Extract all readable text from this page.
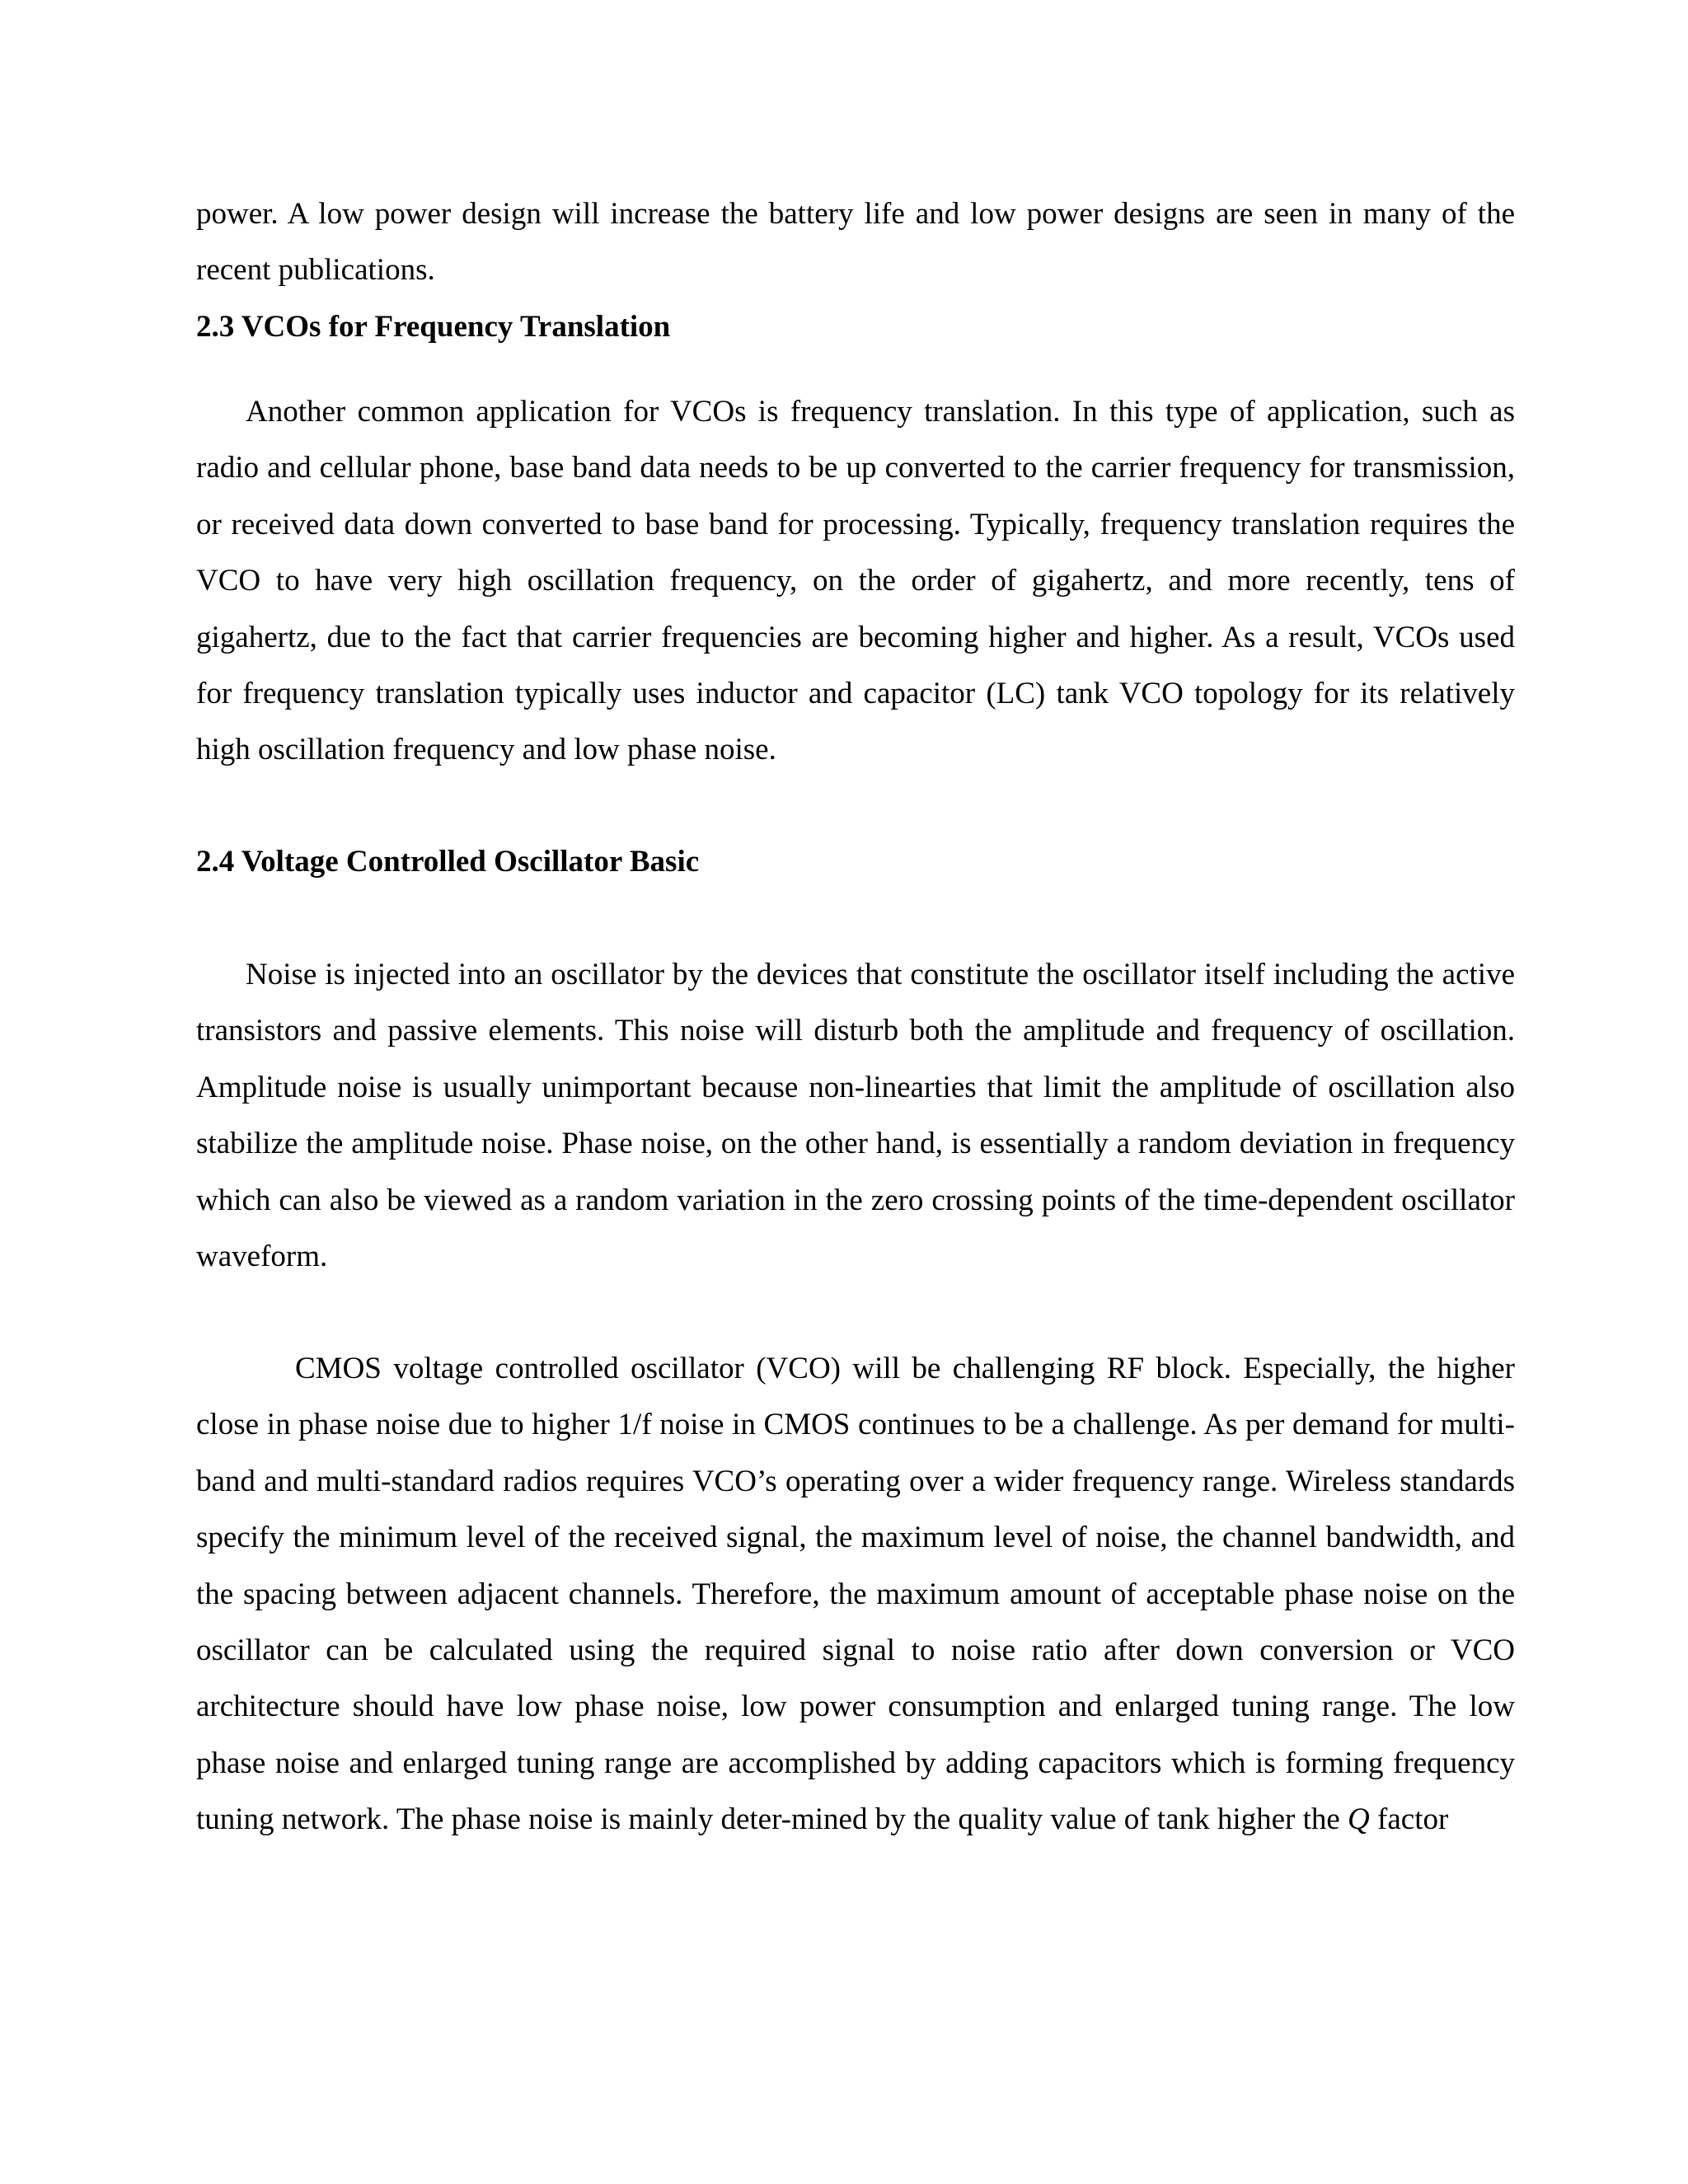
power. A low power design will increase the battery life and low power designs are seen in many of the recent publications.

2.3 VCOs for Frequency Translation

Another common application for VCOs is frequency translation. In this type of application, such as radio and cellular phone, base band data needs to be up converted to the carrier frequency for transmission, or received data down converted to base band for processing. Typically, frequency translation requires the VCO to have very high oscillation frequency, on the order of gigahertz, and more recently, tens of gigahertz, due to the fact that carrier frequencies are becoming higher and higher. As a result, VCOs used for frequency translation typically uses inductor and capacitor (LC) tank VCO topology for its relatively high oscillation frequency and low phase noise.

2.4 Voltage Controlled Oscillator Basic

Noise is injected into an oscillator by the devices that constitute the oscillator itself including the active transistors and passive elements. This noise will disturb both the amplitude and frequency of oscillation. Amplitude noise is usually unimportant because non-linearties that limit the amplitude of oscillation also stabilize the amplitude noise. Phase noise, on the other hand, is essentially a random deviation in frequency which can also be viewed as a random variation in the zero crossing points of the time-dependent oscillator waveform.

CMOS voltage controlled oscillator (VCO) will be challenging RF block. Especially, the higher close in phase noise due to higher 1/f noise in CMOS continues to be a challenge. As per demand for multi-band and multi-standard radios requires VCO’s operating over a wider frequency range. Wireless standards specify the minimum level of the received signal, the maximum level of noise, the channel bandwidth, and the spacing between adjacent channels. Therefore, the maximum amount of acceptable phase noise on the oscillator can be calculated using the required signal to noise ratio after down conversion or VCO architecture should have low phase noise, low power consumption and enlarged tuning range. The low phase noise and enlarged tuning range are accomplished by adding capacitors which is forming frequency tuning network. The phase noise is mainly deter-mined by the quality value of tank higher the Q factor
